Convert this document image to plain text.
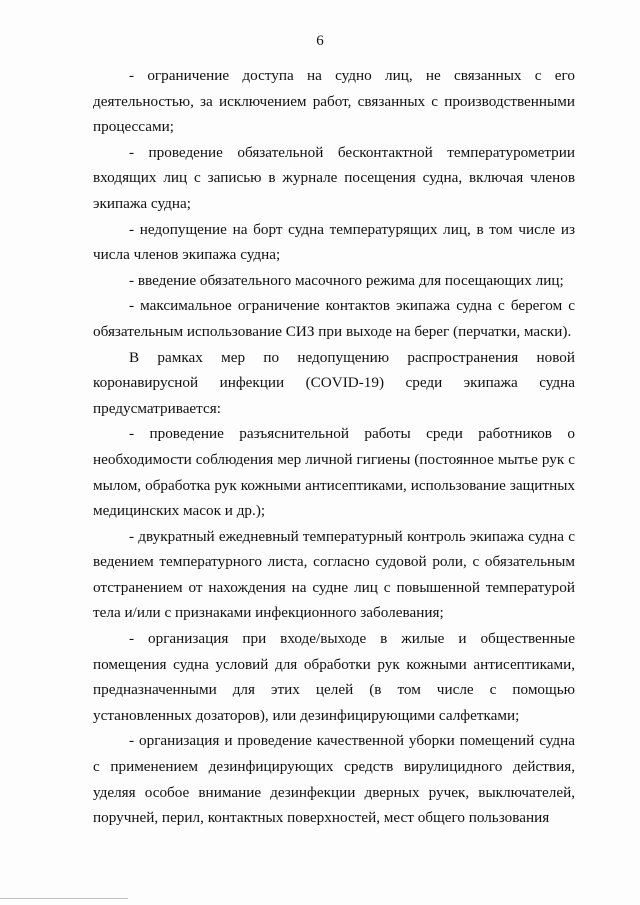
6

- ограничение доступа на судно лиц, не связанных с его деятельностью, за исключением работ, связанных с производственными процессами;

- проведение обязательной бесконтактной температурометрии входящих лиц с записью в журнале посещения судна, включая членов экипажа судна;

- недопущение на борт судна температурящих лиц, в том числе из числа членов экипажа судна;

- введение обязательного масочного режима для посещающих лиц;

- максимальное ограничение контактов экипажа судна с берегом с обязательным использование СИЗ при выходе на берег (перчатки, маски).

В рамках мер по недопущению распространения новой коронавирусной инфекции (COVID-19) среди экипажа судна предусматривается:

- проведение разъяснительной работы среди работников о необходимости соблюдения мер личной гигиены (постоянное мытье рук с мылом, обработка рук кожными антисептиками, использование защитных медицинских масок и др.);

- двукратный ежедневный температурный контроль экипажа судна с ведением температурного листа, согласно судовой роли, с обязательным отстранением от нахождения на судне лиц с повышенной температурой тела и/или с признаками инфекционного заболевания;

- организация при входе/выходе в жилые и общественные помещения судна условий для обработки рук кожными антисептиками, предназначенными для этих целей (в том числе с помощью установленных дозаторов), или дезинфицирующими салфетками;

- организация и проведение качественной уборки помещений судна с применением дезинфицирующих средств вирулицидного действия, уделяя особое внимание дезинфекции дверных ручек, выключателей, поручней, перил, контактных поверхностей, мест общего пользования
